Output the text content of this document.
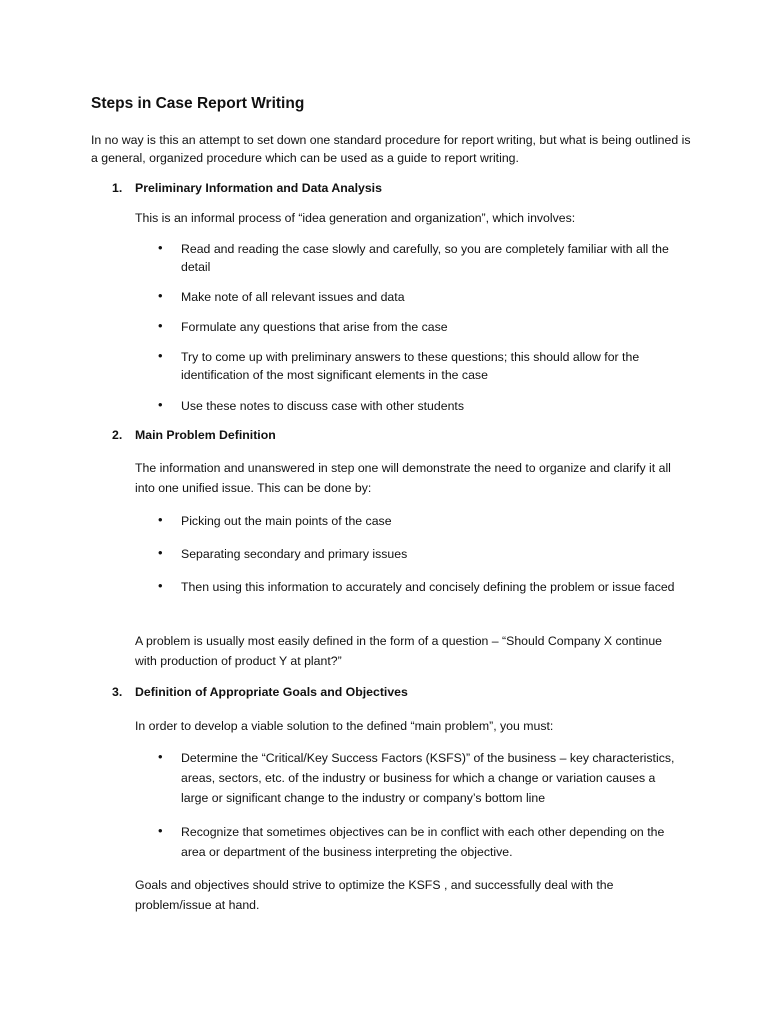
Steps in Case Report Writing

In no way is this an attempt to set down one standard procedure for report writing, but what is being outlined is a general, organized procedure which can be used as a guide to report writing.

1. Preliminary Information and Data Analysis

This is an informal process of “idea generation and organization”, which involves:

• Read and reading the case slowly and carefully, so you are completely familiar with all the detail

• Make note of all relevant issues and data

• Formulate any questions that arise from the case

• Try to come up with preliminary answers to these questions; this should allow for the identification of the most significant elements in the case

• Use these notes to discuss case with other students

2. Main Problem Definition

The information and unanswered in step one will demonstrate the need to organize and clarify it all into one unified issue. This can be done by:

• Picking out the main points of the case

• Separating secondary and primary issues

• Then using this information to accurately and concisely defining the problem or issue faced

A problem is usually most easily defined in the form of a question – “Should Company X continue with production of product Y at plant?”

3. Definition of Appropriate Goals and Objectives

In order to develop a viable solution to the defined “main problem”, you must:

• Determine the “Critical/Key Success Factors (KSFS)” of the business – key characteristics, areas, sectors, etc. of the industry or business for which a change or variation causes a large or significant change to the industry or company’s bottom line

• Recognize that sometimes objectives can be in conflict with each other depending on the area or department of the business interpreting the objective.

Goals and objectives should strive to optimize the KSFS , and successfully deal with the problem/issue at hand.
